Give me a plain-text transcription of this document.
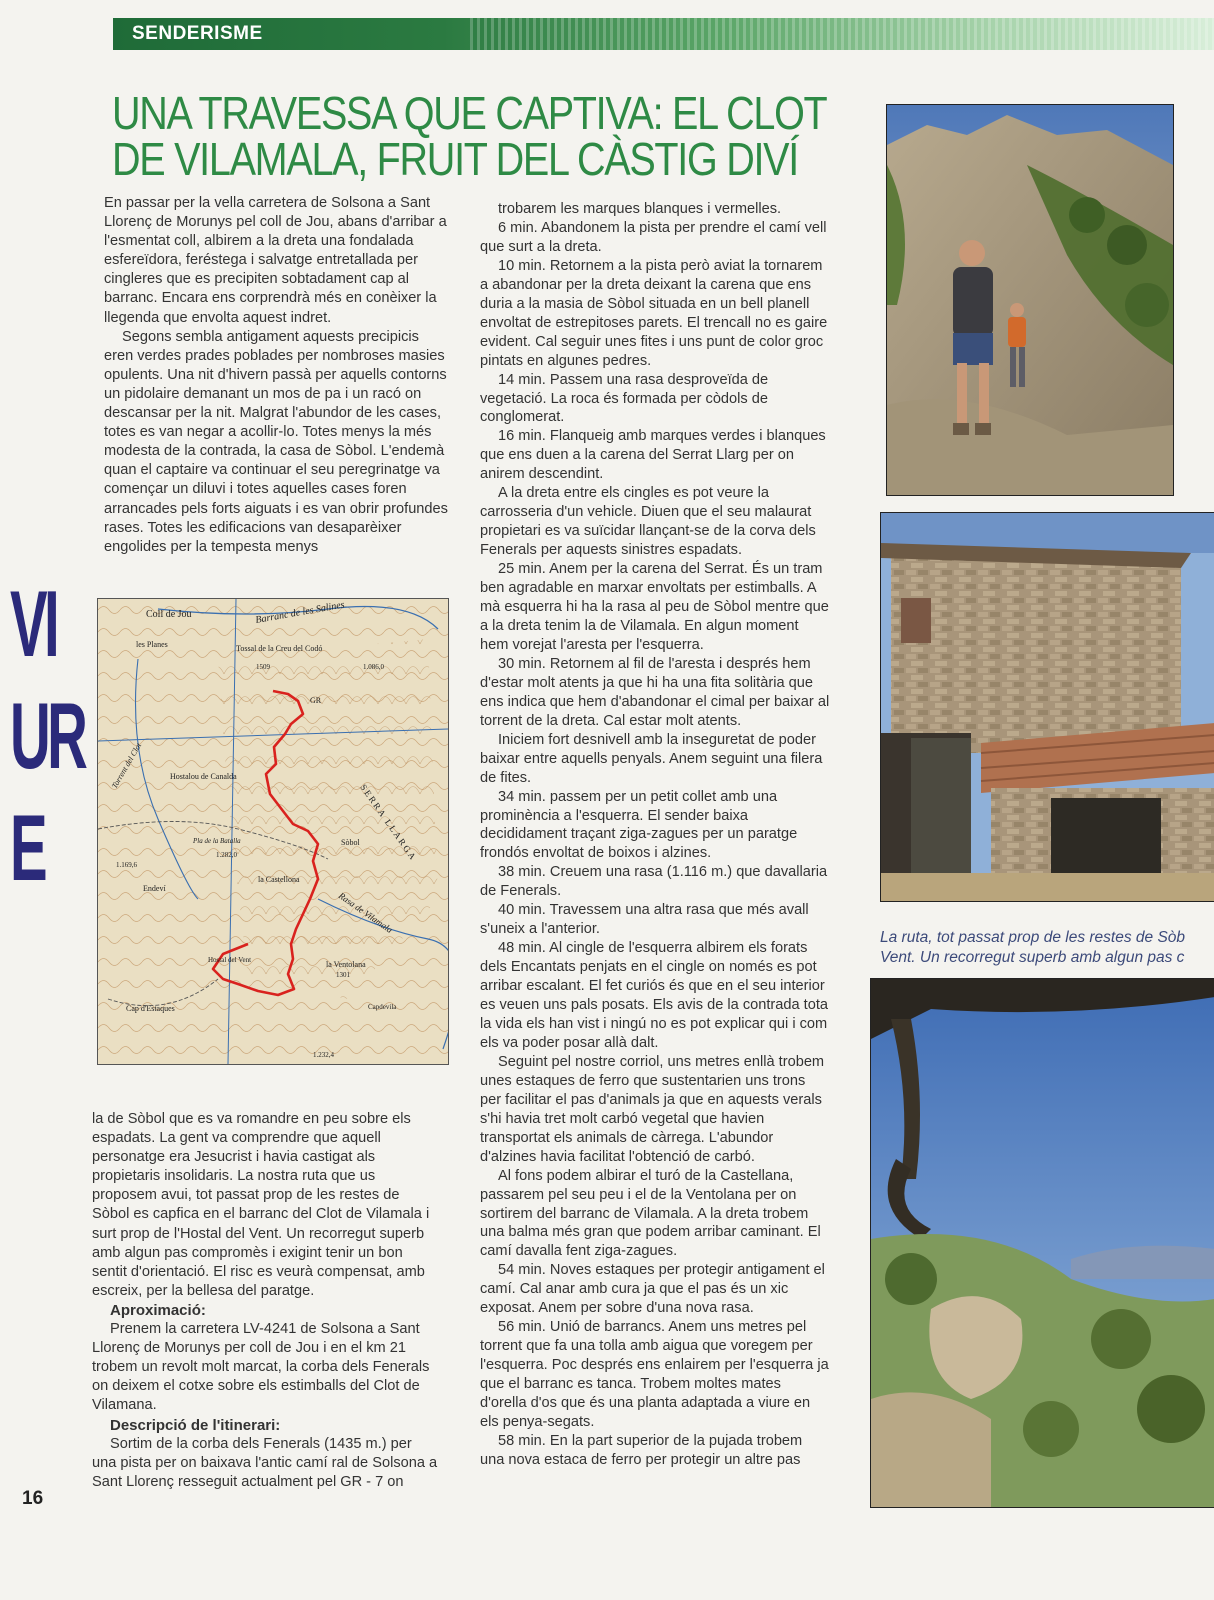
SENDERISME
UNA TRAVESSA QUE CAPTIVA: EL CLOT
DE VILAMALA, FRUIT DEL CÀSTIG DIVÍ
VI
UR
E

En passar per la vella carretera de Solsona a Sant Llorenç de Morunys pel coll de Jou, abans d'arribar a l'esmentat coll, albirem a la dreta una fondalada esfereïdora, feréstega i salvatge entretallada per cingleres que es precipiten sobtadament cap al barranc. Encara ens corprendrà més en conèixer la llegenda que envolta aquest indret.

Segons sembla antigament aquests precipicis eren verdes prades poblades per nombroses masies opulents. Una nit d'hivern passà per aquells contorns un pidolaire demanant un mos de pa i un racó on descansar per la nit. Malgrat l'abundor de les cases, totes es van negar a acollir-lo. Totes menys la més modesta de la contrada, la casa de Sòbol. L'endemà quan el captaire va continuar el seu peregrinatge va començar un diluvi i totes aquelles cases foren arrancades pels forts aiguats i es van obrir profundes rases. Totes les edificacions van desaparèixer engolides per la tempesta menys

Coll de Jou	Barranc de les Salines
les Planes	Tossal de la Creu del Codó
1509	1.086,0
GR
Torrent del Clot	Hostalou de Canalda
Pla de la Batalla
1.282,0
1.169,6
Endeví
Sòbol
SERRA LLARGA
la Castellona
Rasa de Vilamala
Hostal del Vent	la Ventolana
1301
Cap d'Estaques	Capdevila
1.232,4

la de Sòbol que es va romandre en peu sobre els espadats. La gent va comprendre que aquell personatge era Jesucrist i havia castigat als propietaris insolidaris. La nostra ruta que us proposem avui, tot passat prop de les restes de Sòbol es capfica en el barranc del Clot de Vilamala i surt prop de l'Hostal del Vent. Un recorregut superb amb algun pas compromès i exigint tenir un bon sentit d'orientació. El risc es veurà compensat, amb escreix, per la bellesa del paratge.

Aproximació:

Prenem la carretera LV-4241 de Solsona a Sant Llorenç de Morunys per coll de Jou i en el km 21 trobem un revolt molt marcat, la corba dels Fenerals on deixem el cotxe sobre els estimballs del Clot de Vilamana.

Descripció de l'itinerari:

Sortim de la corba dels Fenerals (1435 m.) per una pista per on baixava l'antic camí ral de Solsona a Sant Llorenç resseguit actualment pel GR - 7 on

trobarem les marques blanques i vermelles.

6 min. Abandonem la pista per prendre el camí vell que surt a la dreta.

10 min. Retornem a la pista però aviat la tornarem a abandonar per la dreta deixant la carena que ens duria a la masia de Sòbol situada en un bell planell envoltat de estrepitoses parets. El trencall no es gaire evident. Cal seguir unes fites i uns punt de color groc pintats en algunes pedres.

14 min. Passem una rasa desproveïda de vegetació. La roca és formada per còdols de conglomerat.

16 min. Flanqueig amb marques verdes i blanques que ens duen a la carena del Serrat Llarg per on anirem descendint.

A la dreta entre els cingles es pot veure la carrosseria d'un vehicle. Diuen que el seu malaurat propietari es va suïcidar llançant-se de la corva dels Fenerals per aquests sinistres espadats.

25 min. Anem per la carena del Serrat. És un tram ben agradable en marxar envoltats per estimballs. A mà esquerra hi ha la rasa al peu de Sòbol mentre que a la dreta tenim la de Vilamala. En algun moment hem vorejat l'aresta per l'esquerra.

30 min. Retornem al fil de l'aresta i després hem d'estar molt atents ja que hi ha una fita solitària que ens indica que hem d'abandonar el cimal per baixar al torrent de la dreta. Cal estar molt atents.

Iniciem fort desnivell amb la inseguretat de poder baixar entre aquells penyals. Anem seguint una filera de fites.

34 min. passem per un petit collet amb una prominència a l'esquerra. El sender baixa decididament traçant ziga-zagues per un paratge frondós envoltat de boixos i alzines.

38 min. Creuem una rasa (1.116 m.) que davallaria de Fenerals.

40 min. Travessem una altra rasa que més avall s'uneix a l'anterior.

48 min. Al cingle de l'esquerra albirem els forats dels Encantats penjats en el cingle on només es pot arribar escalant. El fet curiós és que en el seu interior es veuen uns pals posats. Els avis de la contrada tota la vida els han vist i ningú no es pot explicar qui i com els va poder posar allà dalt.

Seguint pel nostre corriol, uns metres enllà trobem unes estaques de ferro que sustentarien uns trons per facilitar el pas d'animals ja que en aquests verals s'hi havia tret molt carbó vegetal que havien transportat els animals de càrrega. L'abundor d'alzines havia facilitat l'obtenció de carbó.

Al fons podem albirar el turó de la Castellana, passarem pel seu peu i el de la Ventolana per on sortirem del barranc de Vilamala. A la dreta trobem una balma més gran que podem arribar caminant. El camí davalla fent ziga-zagues.

54 min. Noves estaques per protegir antigament el camí. Cal anar amb cura ja que el pas és un xic exposat. Anem per sobre d'una nova rasa.

56 min. Unió de barrancs. Anem uns metres pel torrent que fa una tolla amb aigua que voregem per l'esquerra. Poc després ens enlairem per l'esquerra ja que el barranc es tanca. Trobem moltes mates d'orella d'os que és una planta adaptada a viure en els penya-segats.

58 min. En la part superior de la pujada trobem una nova estaca de ferro per protegir un altre pas

La ruta, tot passat prop de les restes de Sòb
Vent. Un recorregut superb amb algun pas c
16
